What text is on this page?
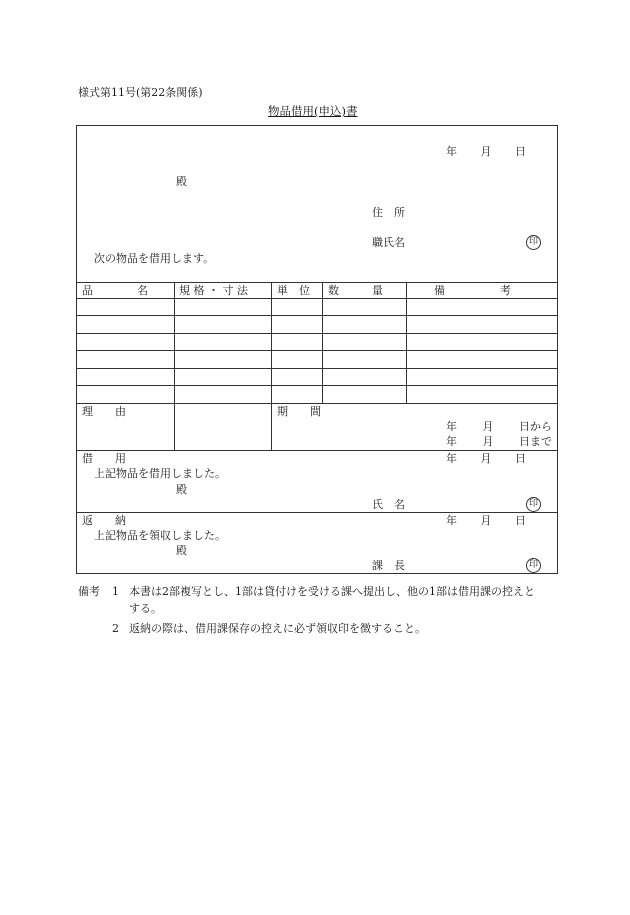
様式第11号(第22条関係)
物品借用(申込)書
年 月 日
殿
住　所
職氏名	印
次の物品を借用します。
品　　　　名	規 格 ・ 寸 法	単　位	数　　　量	備　　　　　考
理　　由	期　　間
年 月 日から
年 月 日まで
借　　用	年 月 日
上記物品を借用しました。
殿
氏　名	印
返　　納	年 月 日
上記物品を領収しました。
殿
課　長	印
備考 1 本書は2部複写とし、1部は貸付けを受ける課へ提出し、他の1部は借用課の控えと
する。
2 返納の際は、借用課保存の控えに必ず領収印を徴すること。
